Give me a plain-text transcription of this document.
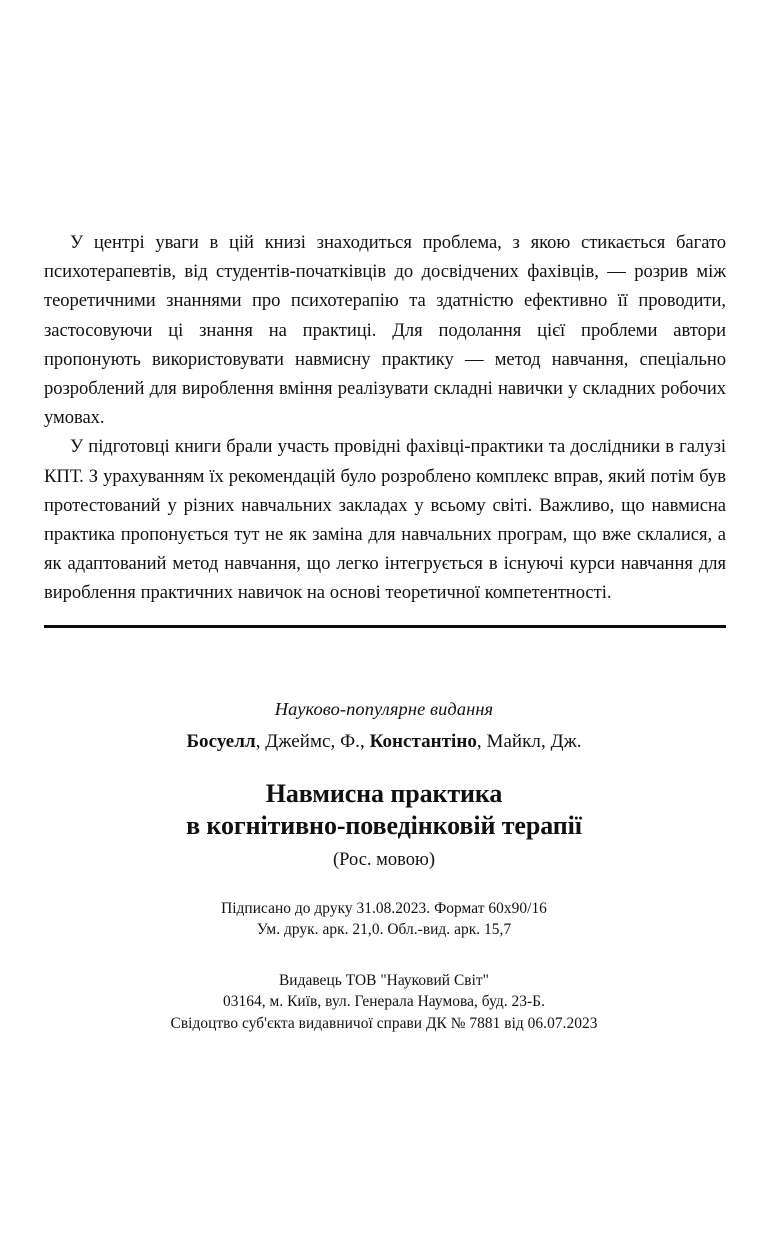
У центрі уваги в цій книзі знаходиться проблема, з якою стикається багато психотерапевтів, від студентів-початківців до досвідчених фахівців, — розрив між теоретичними знаннями про психотерапію та здатністю ефективно її проводити, застосовуючи ці знання на практиці. Для подолання цієї проблеми автори пропонують використовувати навмисну практику — метод навчання, спеціально розроблений для вироблення вміння реалізувати складні навички у складних робочих умовах.

У підготовці книги брали участь провідні фахівці-практики та дослідники в галузі КПТ. З урахуванням їх рекомендацій було розроблено комплекс вправ, який потім був протестований у різних навчальних закладах у всьому світі. Важливо, що навмисна практика пропонується тут не як заміна для навчальних програм, що вже склалися, а як адаптований метод навчання, що легко інтегрується в існуючі курси навчання для вироблення практичних навичок на основі теоретичної компетентності.

Науково-популярне видання
Босуелл, Джеймс, Ф., Константіно, Майкл, Дж.
Навмисна практика
в когнітивно-поведінковій терапії
(Рос. мовою)
Підписано до друку 31.08.2023. Формат 60x90/16
Ум. друк. арк. 21,0. Обл.-вид. арк. 15,7
Видавець ТОВ "Науковий Світ"
03164, м. Київ, вул. Генерала Наумова, буд. 23-Б.
Свідоцтво суб'єкта видавничої справи ДК № 7881 від 06.07.2023
